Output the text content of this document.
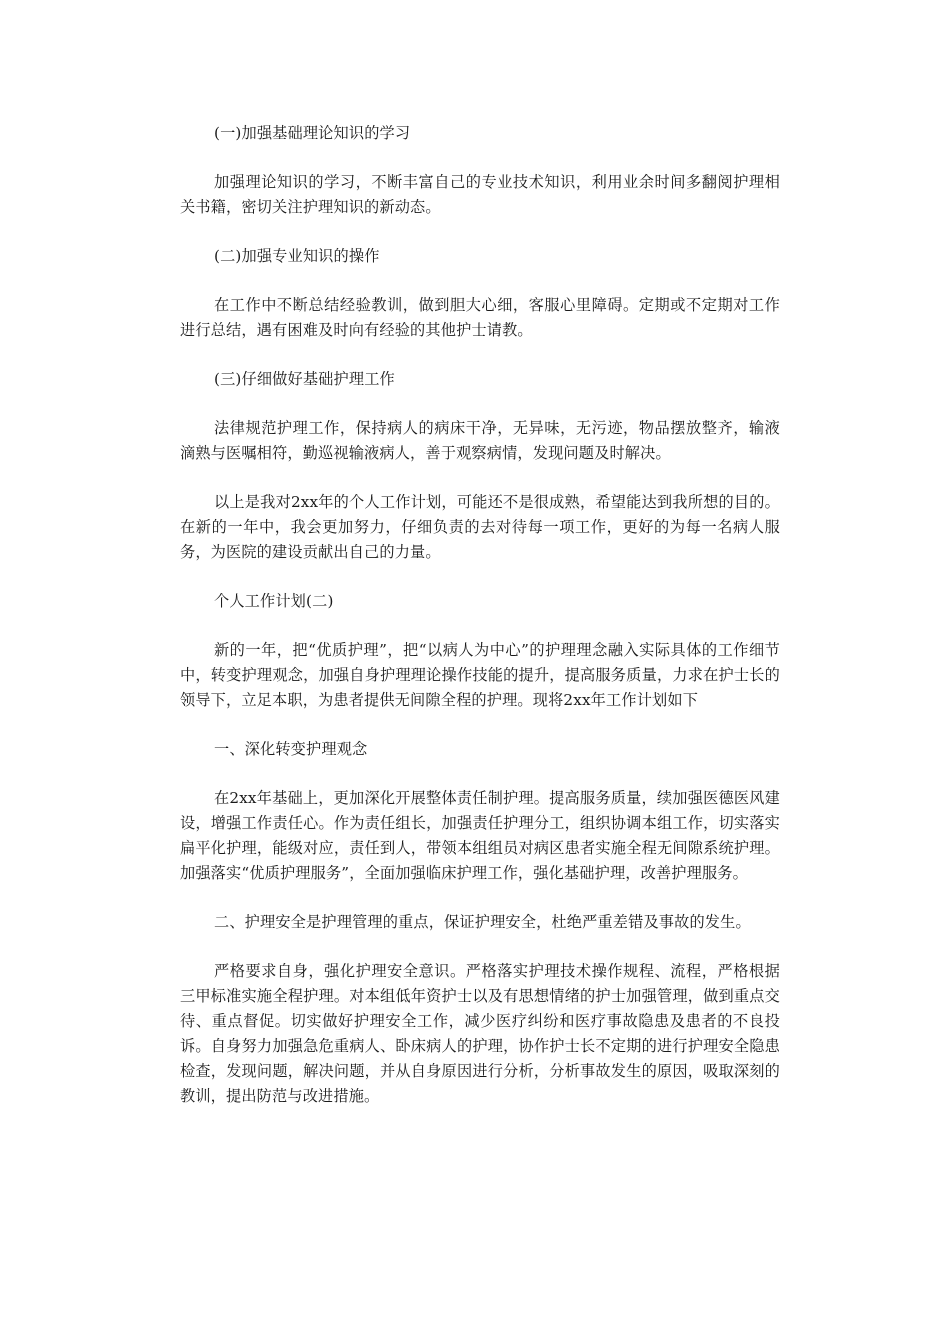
(一)加强基础理论知识的学习

加强理论知识的学习，不断丰富自己的专业技术知识，利用业余时间多翻阅护理相关书籍，密切关注护理知识的新动态。

(二)加强专业知识的操作

在工作中不断总结经验教训，做到胆大心细，客服心里障碍。定期或不定期对工作进行总结，遇有困难及时向有经验的其他护士请教。

(三)仔细做好基础护理工作

法律规范护理工作，保持病人的病床干净，无异味，无污迹，物品摆放整齐，输液滴熟与医嘱相符，勤巡视输液病人，善于观察病情，发现问题及时解决。

以上是我对2xx年的个人工作计划，可能还不是很成熟，希望能达到我所想的目的。在新的一年中，我会更加努力，仔细负责的去对待每一项工作，更好的为每一名病人服务，为医院的建设贡献出自己的力量。

个人工作计划(二)

新的一年，把“优质护理”，把“以病人为中心”的护理理念融入实际具体的工作细节中，转变护理观念，加强自身护理理论操作技能的提升，提高服务质量，力求在护士长的领导下，立足本职，为患者提供无间隙全程的护理。现将2xx年工作计划如下

一、深化转变护理观念

在2xx年基础上，更加深化开展整体责任制护理。提高服务质量，续加强医德医风建设，增强工作责任心。作为责任组长，加强责任护理分工，组织协调本组工作，切实落实扁平化护理，能级对应，责任到人，带领本组组员对病区患者实施全程无间隙系统护理。加强落实“优质护理服务”，全面加强临床护理工作，强化基础护理，改善护理服务。

二、护理安全是护理管理的重点，保证护理安全，杜绝严重差错及事故的发生。

严格要求自身，强化护理安全意识。严格落实护理技术操作规程、流程，严格根据三甲标准实施全程护理。对本组低年资护士以及有思想情绪的护士加强管理，做到重点交待、重点督促。切实做好护理安全工作，减少医疗纠纷和医疗事故隐患及患者的不良投诉。自身努力加强急危重病人、卧床病人的护理，协作护士长不定期的进行护理安全隐患检查，发现问题，解决问题，并从自身原因进行分析，分析事故发生的原因，吸取深刻的教训，提出防范与改进措施。
